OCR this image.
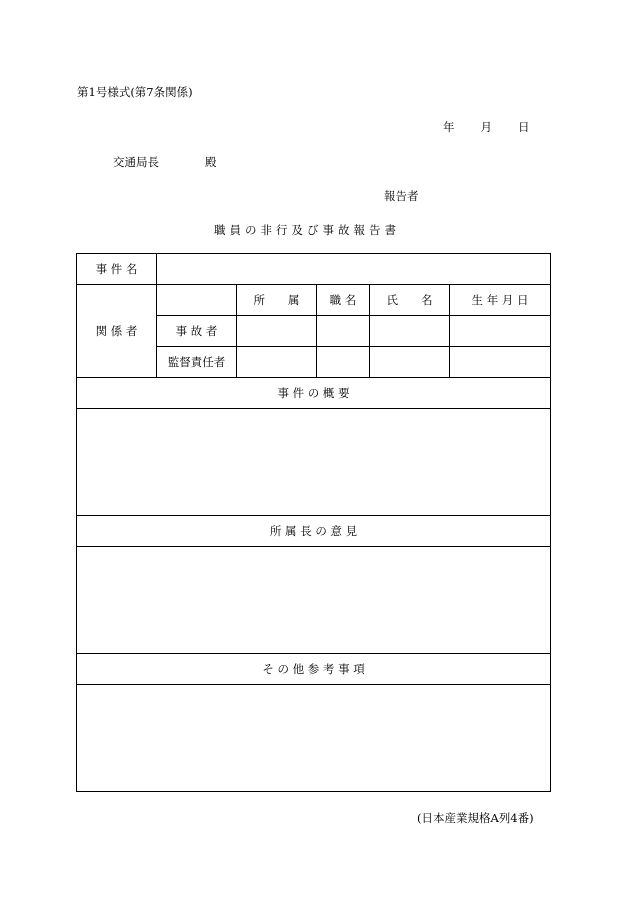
第1号様式(第7条関係)
年 月 日
交通局長	殿
報告者
職員の非行及び事故報告書
事 件 名					
関 係 者		所　　属	職 名	氏　　名	生 年 月 日
	事 故 者				
	監督責任者				
事 件 の 概 要					

所 属 長 の 意 見					

そ の 他 参 考 事 項					

(日本産業規格A列4番)
